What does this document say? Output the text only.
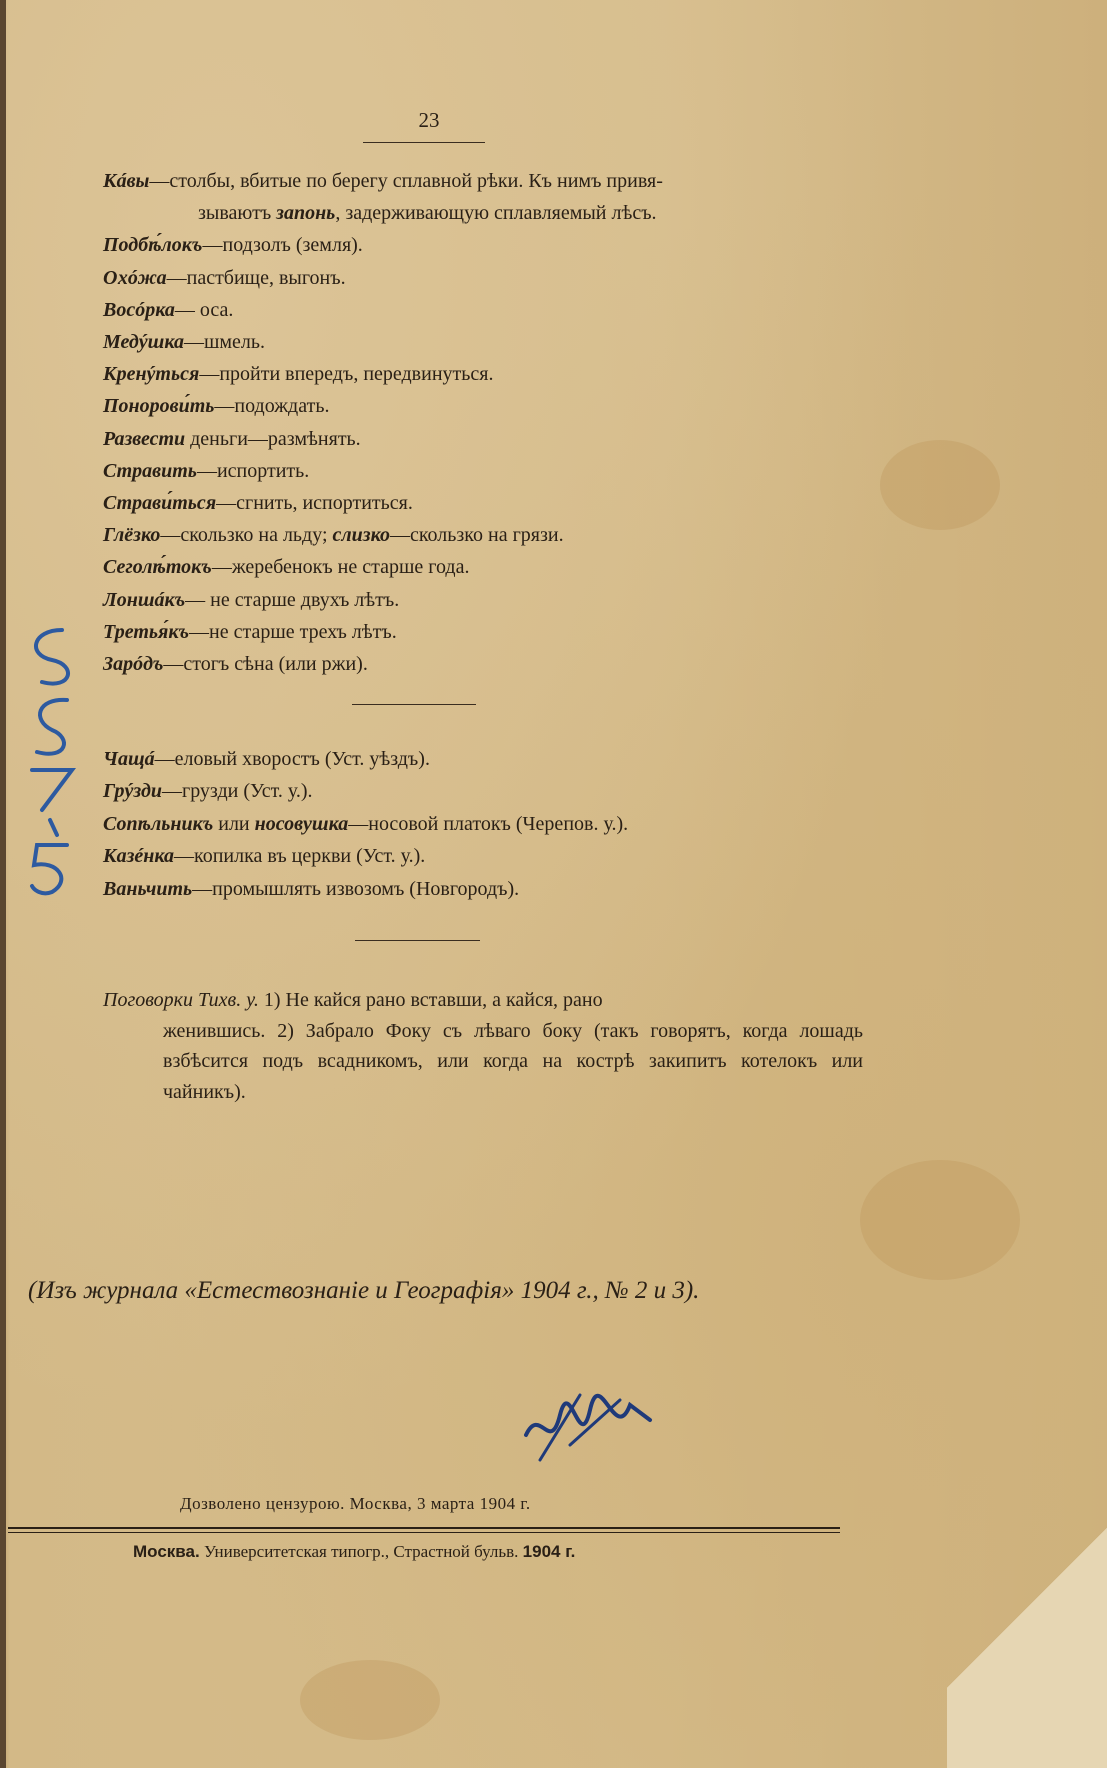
23

Кáвы—столбы, вбитые по берегу сплавной рѣки. Къ нимъ привя-
зываютъ запонь, задерживающую сплавляемый лѣсъ.

Подбѣ́локъ—подзолъ (земля).

Охóжа—пастбище, выгонъ.

Восóрка— оса.

Медýшка—шмель.

Кренýться—пройти впередъ, передвинуться.

Понорови́ть—подождать.

Развести деньги—размѣнять.

Стравить—испортить.

Страви́ться—сгнить, испортиться.

Глёзко—скользко на льду; слизко—скользко на грязи.

Сеголѣ́токъ—жеребенокъ не старше года.

Лоншáкъ— не старше двухъ лѣтъ.

Третья́къ—не старше трехъ лѣтъ.

Зарóдъ—стогъ сѣна (или ржи).

Чащá—еловый хворостъ (Уст. уѣздъ).

Грýзди—грузди (Уст. у.).

Сопѣльникъ или носовушка—носовой платокъ (Черепов. у.).

Казéнка—копилка въ церкви (Уст. у.).

Ваньчить—промышлять извозомъ (Новгородъ).

Поговорки Тихв. у. 1) Не кайся рано вставши, а кайся, рано
женившись. 2) Забрало Фоку съ лѣваго боку (такъ говорятъ, когда лошадь взбѣсится подъ всадникомъ, или когда на кострѣ закипитъ котелокъ или чайникъ).
(Изъ журнала «Естествознаніе и Географія» 1904 г., № 2 и 3).
Дозволено цензурою. Москва, 3 марта 1904 г.
Москва. Университетская типогр., Страстной бульв. 1904 г.
